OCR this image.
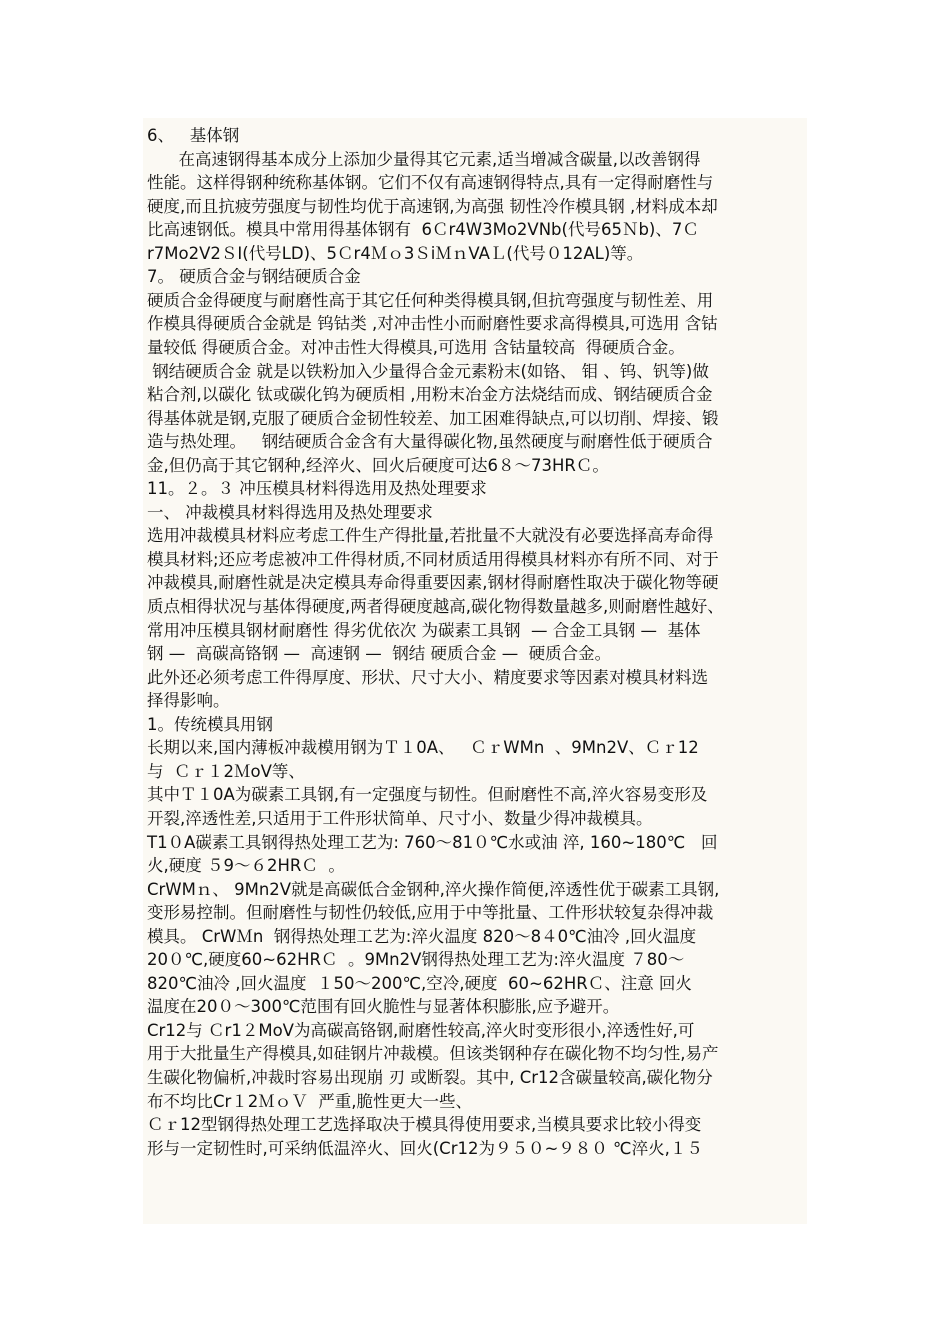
6、   基体钢
在高速钢得基本成分上添加少量得其它元素,适当增减含碳量,以改善钢得
性能。这样得钢种统称基体钢。它们不仅有高速钢得特点,具有一定得耐磨性与
硬度,而且抗疲劳强度与韧性均优于高速钢,为高强 韧性冷作模具钢 ,材料成本却
比高速钢低。模具中常用得基体钢有  6Ｃr4W3Mo2VNb(代号65Ｎb)、7Ｃ
r7Mo2V2ＳI(代号LD)、5Ｃr4Ｍｏ3ＳiＭｎVAＬ(代号０12AL)等。
7。 硬质合金与钢结硬质合金
硬质合金得硬度与耐磨性高于其它任何种类得模具钢,但抗弯强度与韧性差、用
作模具得硬质合金就是 钨钴类 ,对冲击性小而耐磨性要求高得模具,可选用 含钴
量较低 得硬质合金。对冲击性大得模具,可选用 含钴量较高  得硬质合金。
钢结硬质合金 就是以铁粉加入少量得合金元素粉末(如铬、 钼 、钨、钒等)做
粘合剂,以碳化 钛或碳化钨为硬质相 ,用粉末冶金方法烧结而成、钢结硬质合金
得基体就是钢,克服了硬质合金韧性较差、加工困难得缺点,可以切削、焊接、锻
造与热处理。   钢结硬质合金含有大量得碳化物,虽然硬度与耐磨性低于硬质合
金,但仍高于其它钢种,经淬火、回火后硬度可达6８～73HRＣ。
11。２。３ 冲压模具材料得选用及热处理要求
一、 冲裁模具材料得选用及热处理要求
选用冲裁模具材料应考虑工件生产得批量,若批量不大就没有必要选择高寿命得
模具材料;还应考虑被冲工件得材质,不同材质适用得模具材料亦有所不同、对于
冲裁模具,耐磨性就是决定模具寿命得重要因素,钢材得耐磨性取决于碳化物等硬
质点相得状况与基体得硬度,两者得硬度越高,碳化物得数量越多,则耐磨性越好、
常用冲压模具钢材耐磨性 得劣优依次 为碳素工具钢  — 合金工具钢 —  基体
钢 —  高碳高铬钢 —  高速钢 —  钢结 硬质合金 —  硬质合金。
此外还必须考虑工件得厚度、形状、尺寸大小、精度要求等因素对模具材料选
择得影响。
1。传统模具用钢
长期以来,国内薄板冲裁模用钢为Ｔ１0A、   ＣｒWMn  、9Mn2V、Ｃｒ12
与  Ｃｒ１2ＭoV等、
其中Ｔ１0A为碳素工具钢,有一定强度与韧性。但耐磨性不高,淬火容易变形及
开裂,淬透性差,只适用于工件形状简单、尺寸小、数量少得冲裁模具。
T1０A碳素工具钢得热处理工艺为: 760～81０℃水或油 淬, 160~180℃   回
火,硬度 ５9～６2HRＣ  。
CrWMｎ、 9Mn2V就是高碳低合金钢种,淬火操作简便,淬透性优于碳素工具钢,
变形易控制。但耐磨性与韧性仍较低,应用于中等批量、工件形状较复杂得冲裁
模具。 CrWＭn  钢得热处理工艺为:淬火温度 820～8４0℃油冷 ,回火温度
20０℃,硬度60~62HRＣ  。9Mn2V钢得热处理工艺为:淬火温度 ７80～
820℃油冷 ,回火温度  １50～200℃,空冷,硬度  60~62HRＣ、注意 回火
温度在20０～300℃范围有回火脆性与显著体积膨胀,应予避开。
Cr12与 Ｃr1２MoV为高碳高铬钢,耐磨性较高,淬火时变形很小,淬透性好,可
用于大批量生产得模具,如硅钢片冲裁模。但该类钢种存在碳化物不均匀性,易产
生碳化物偏析,冲裁时容易出现崩 刃 或断裂。其中, Cr12含碳量较高,碳化物分
布不均比Cr１2ＭｏＶ  严重,脆性更大一些、
Ｃｒ12型钢得热处理工艺选择取决于模具得使用要求,当模具要求比较小得变
形与一定韧性时,可采纳低温淬火、回火(Cr12为９５０~９８０ ℃淬火,１５
